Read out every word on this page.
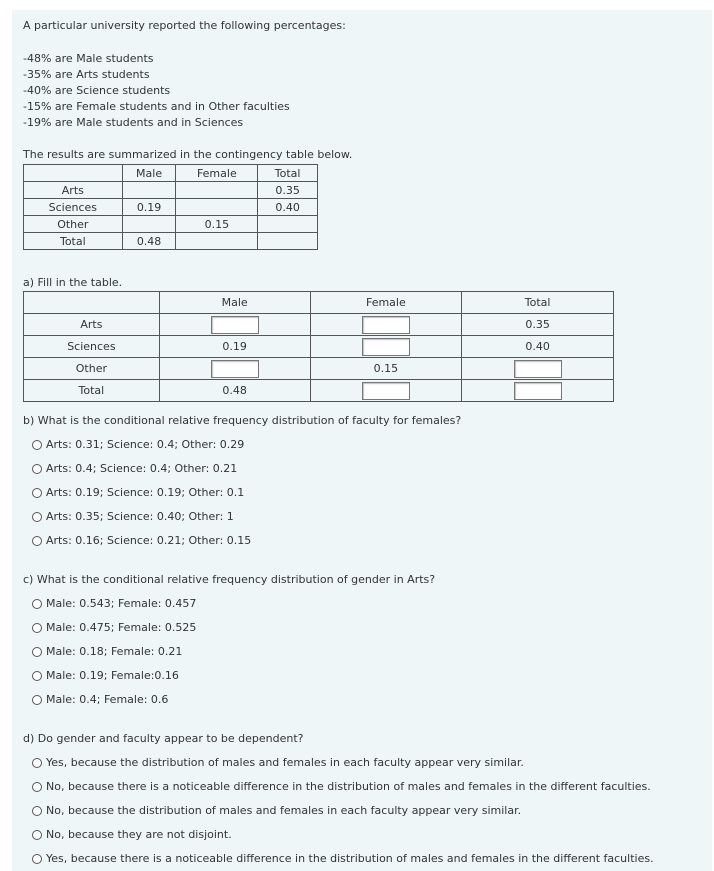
A particular university reported the following percentages:
-48% are Male students
-35% are Arts students
-40% are Science students
-15% are Female students and in Other faculties
-19% are Male students and in Sciences
The results are summarized in the contingency table below.
	Male	Female	Total
Arts			0.35
Sciences	0.19		0.40
Other		0.15	
Total	0.48		
a) Fill in the table.
	Male	Female	Total
Arts			0.35
Sciences	0.19		0.40
Other		0.15	
Total	0.48		
b) What is the conditional relative frequency distribution of faculty for females?
Arts: 0.31; Science: 0.4; Other: 0.29
Arts: 0.4; Science: 0.4; Other: 0.21
Arts: 0.19; Science: 0.19; Other: 0.1
Arts: 0.35; Science: 0.40; Other: 1
Arts: 0.16; Science: 0.21; Other: 0.15
c) What is the conditional relative frequency distribution of gender in Arts?
Male: 0.543; Female: 0.457
Male: 0.475; Female: 0.525
Male: 0.18; Female: 0.21
Male: 0.19; Female:0.16
Male: 0.4; Female: 0.6
d) Do gender and faculty appear to be dependent?
Yes, because the distribution of males and females in each faculty appear very similar.
No, because there is a noticeable difference in the distribution of males and females in the different faculties.
No, because the distribution of males and females in each faculty appear very similar.
No, because they are not disjoint.
Yes, because there is a noticeable difference in the distribution of males and females in the different faculties.
